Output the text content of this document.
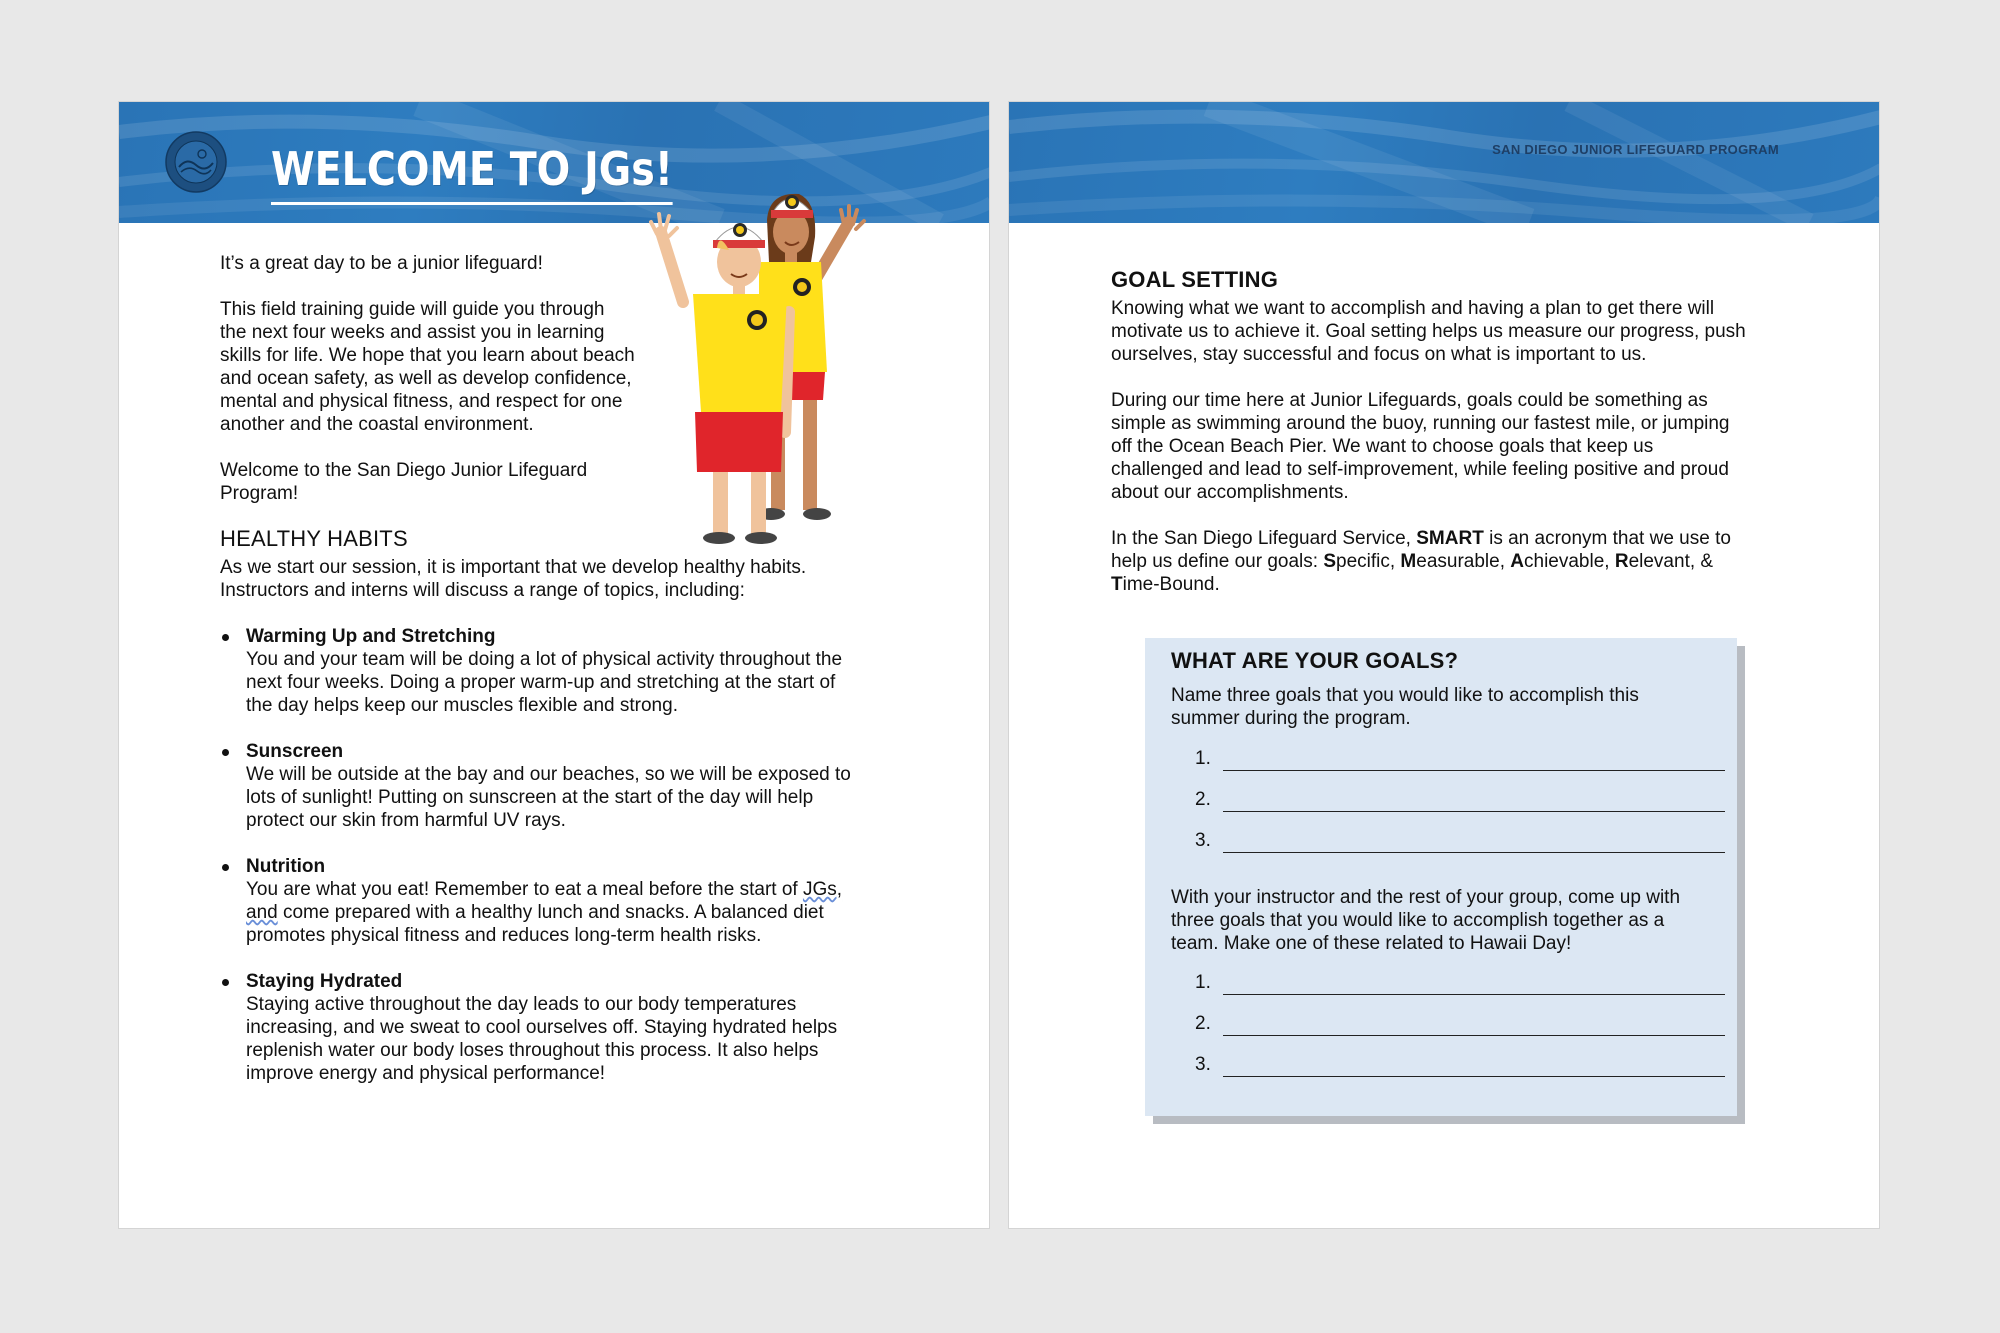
WELCOME TO JGs!

It’s a great day to be a junior lifeguard!

This field training guide will guide you through
the next four weeks and assist you in learning
skills for life. We hope that you learn about beach
and ocean safety, as well as develop confidence,
mental and physical fitness, and respect for one
another and the coastal environment.

Welcome to the San Diego Junior Lifeguard
Program!

HEALTHY HABITS

As we start our session, it is important that we develop healthy habits.
Instructors and interns will discuss a range of topics, including:

Warming Up and Stretching
You and your team will be doing a lot of physical activity throughout the
next four weeks. Doing a proper warm-up and stretching at the start of
the day helps keep our muscles flexible and strong.
Sunscreen
We will be outside at the bay and our beaches, so we will be exposed to
lots of sunlight! Putting on sunscreen at the start of the day will help
protect our skin from harmful UV rays.
Nutrition
You are what you eat! Remember to eat a meal before the start of JGs,
and come prepared with a healthy lunch and snacks. A balanced diet
promotes physical fitness and reduces long-term health risks.
Staying Hydrated
Staying active throughout the day leads to our body temperatures
increasing, and we sweat to cool ourselves off. Staying hydrated helps
replenish water our body loses throughout this process. It also helps
improve energy and physical performance!
SAN DIEGO JUNIOR LIFEGUARD PROGRAM
GOAL SETTING

Knowing what we want to accomplish and having a plan to get there will
motivate us to achieve it. Goal setting helps us measure our progress, push
ourselves, stay successful and focus on what is important to us.

During our time here at Junior Lifeguards, goals could be something as
simple as swimming around the buoy, running our fastest mile, or jumping
off the Ocean Beach Pier. We want to choose goals that keep us
challenged and lead to self-improvement, while feeling positive and proud
about our accomplishments.

In the San Diego Lifeguard Service, SMART is an acronym that we use to
help us define our goals: Specific, Measurable, Achievable, Relevant, &
Time-Bound.

WHAT ARE YOUR GOALS?
Name three goals that you would like to accomplish this
summer during the program.
1.
2.
3.
With your instructor and the rest of your group, come up with
three goals that you would like to accomplish together as a
team. Make one of these related to Hawaii Day!
1.
2.
3.
